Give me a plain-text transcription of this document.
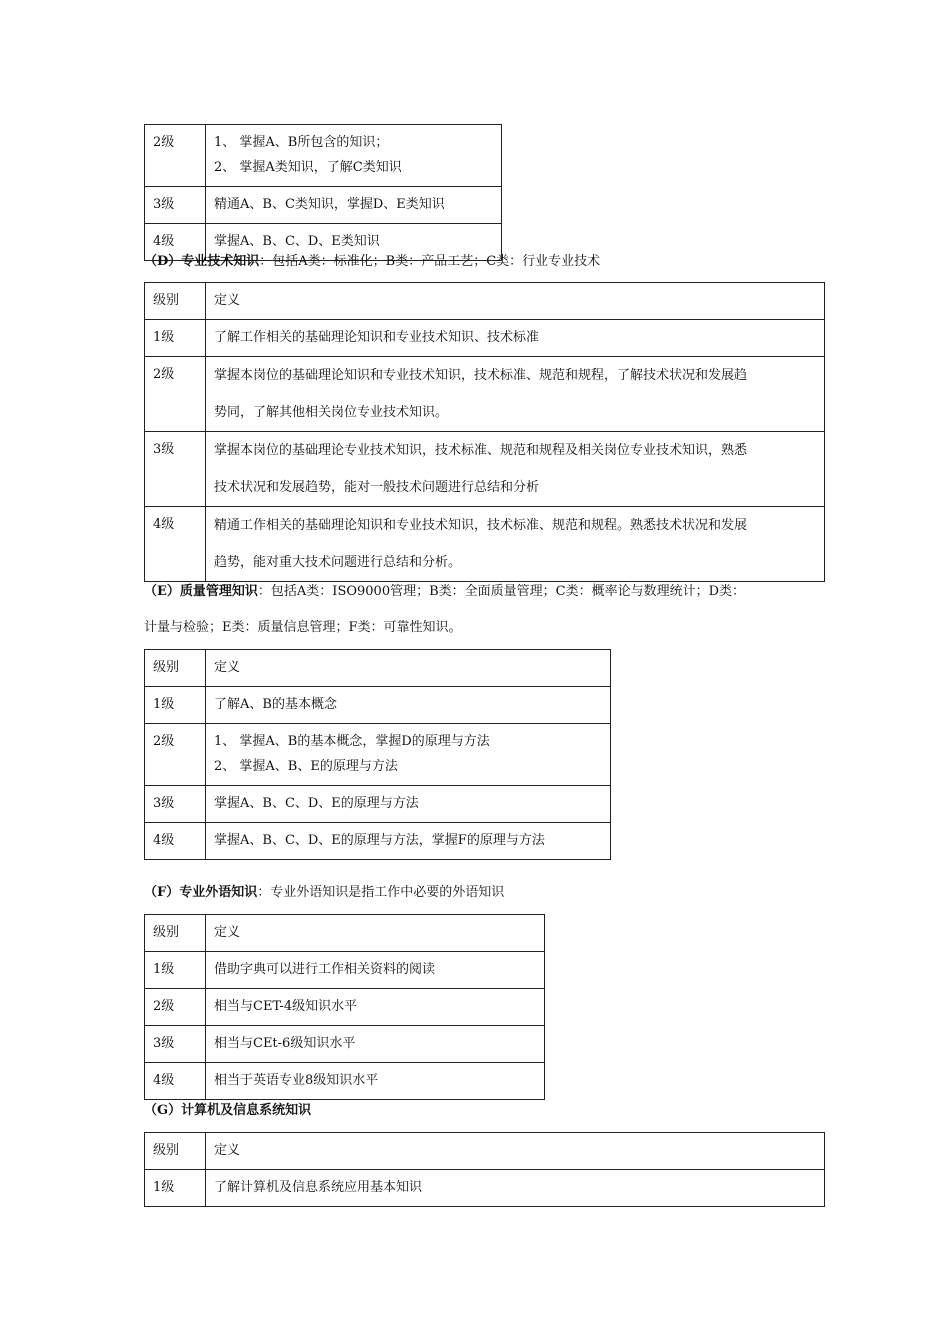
2级	1、 掌握A、B所包含的知识；
2、 掌握A类知识，了解C类知识

3级	精通A、B、C类知识，掌握D、E类知识
4级	掌握A、B、C、D、E类知识
（D）专业技术知识：包括A类：标准化；B类：产品工艺；C类：行业专业技术
级别	定义
1级	了解工作相关的基础理论知识和专业技术知识、技术标准
2级	掌握本岗位的基础理论知识和专业技术知识，技术标准、规范和规程，了解技术状况和发展趋
势同，了解其他相关岗位专业技术知识。

3级	掌握本岗位的基础理论专业技术知识，技术标准、规范和规程及相关岗位专业技术知识，熟悉
技术状况和发展趋势，能对一般技术问题进行总结和分析

4级	精通工作相关的基础理论知识和专业技术知识，技术标准、规范和规程。熟悉技术状况和发展
趋势，能对重大技术问题进行总结和分析。
（E）质量管理知识：包括A类：ISO9000管理；B类：全面质量管理；C类：概率论与数理统计；D类：
计量与检验；E类：质量信息管理；F类：可靠性知识。
级别	定义
1级	了解A、B的基本概念
2级	1、 掌握A、B的基本概念，掌握D的原理与方法
2、 掌握A、B、E的原理与方法

3级	掌握A、B、C、D、E的原理与方法
4级	掌握A、B、C、D、E的原理与方法，掌握F的原理与方法
（F）专业外语知识：专业外语知识是指工作中必要的外语知识
级别	定义
1级	借助字典可以进行工作相关资料的阅读
2级	相当与CET-4级知识水平
3级	相当与CEt-6级知识水平
4级	相当于英语专业8级知识水平
（G）计算机及信息系统知识
级别	定义
1级	了解计算机及信息系统应用基本知识
